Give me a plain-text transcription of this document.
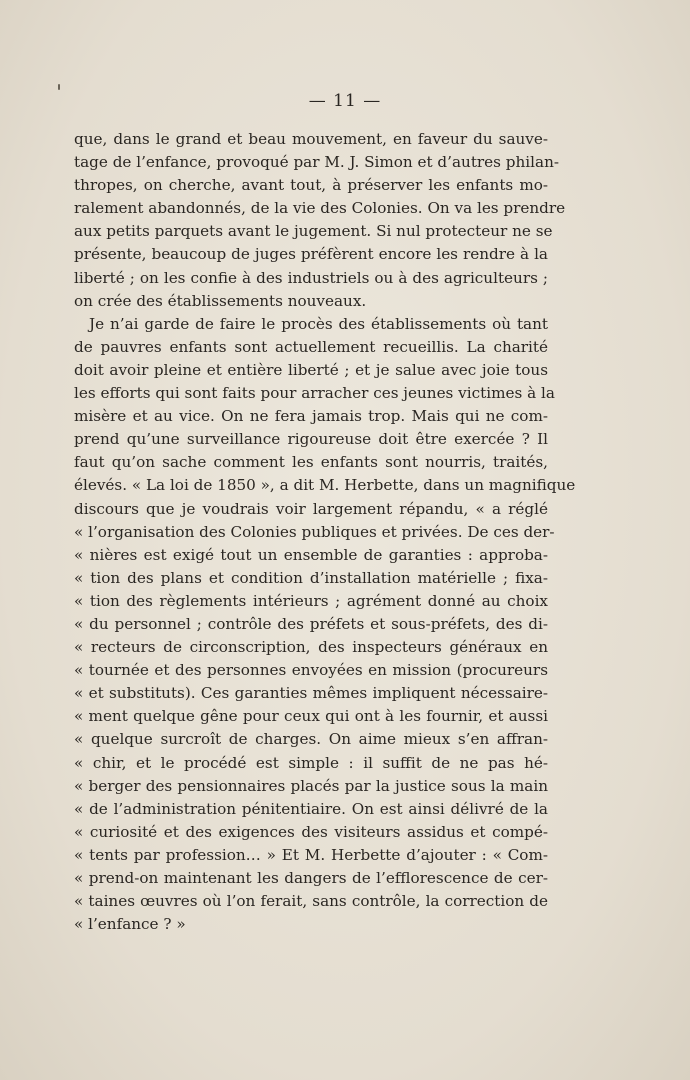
— 11 —
que, dans le grand et beau mouvement, en faveur du sauve-
tage de l’enfance, provoqué par M. J. Simon et d’autres philan-
thropes, on cherche, avant tout, à préserver les enfants mo-
ralement abandonnés, de la vie des Colonies. On va les prendre
aux petits parquets avant le jugement. Si nul protecteur ne se
présente, beaucoup de juges préfèrent encore les rendre à la
liberté ; on les confie à des industriels ou à des agriculteurs ;
on crée des établissements nouveaux.
Je n’ai garde de faire le procès des établissements où tant
de pauvres enfants sont actuellement recueillis. La charité
doit avoir pleine et entière liberté ; et je salue avec joie tous
les efforts qui sont faits pour arracher ces jeunes victimes à la
misère et au vice. On ne fera jamais trop. Mais qui ne com-
prend qu’une surveillance rigoureuse doit être exercée ? Il
faut qu’on sache comment les enfants sont nourris, traités,
élevés. « La loi de 1850 », a dit M. Herbette, dans un magnifique
discours que je voudrais voir largement répandu, « a réglé
« l’organisation des Colonies publiques et privées. De ces der-
« nières est exigé tout un ensemble de garanties : approba-
« tion des plans et condition d’installation matérielle ; fixa-
« tion des règlements intérieurs ; agrément donné au choix
« du personnel ; contrôle des préfets et sous-préfets, des di-
« recteurs de circonscription, des inspecteurs généraux en
« tournée et des personnes envoyées en mission (procureurs
« et substituts). Ces garanties mêmes impliquent nécessaire-
« ment quelque gêne pour ceux qui ont à les fournir, et aussi
« quelque surcroît de charges. On aime mieux s’en affran-
« chir, et le procédé est simple : il suffit de ne pas hé-
« berger des pensionnaires placés par la justice sous la main
« de l’administration pénitentiaire. On est ainsi délivré de la
« curiosité et des exigences des visiteurs assidus et compé-
« tents par profession… » Et M. Herbette d’ajouter : « Com-
« prend-on maintenant les dangers de l’efflorescence de cer-
« taines œuvres où l’on ferait, sans contrôle, la correction de
« l’enfance ? »
